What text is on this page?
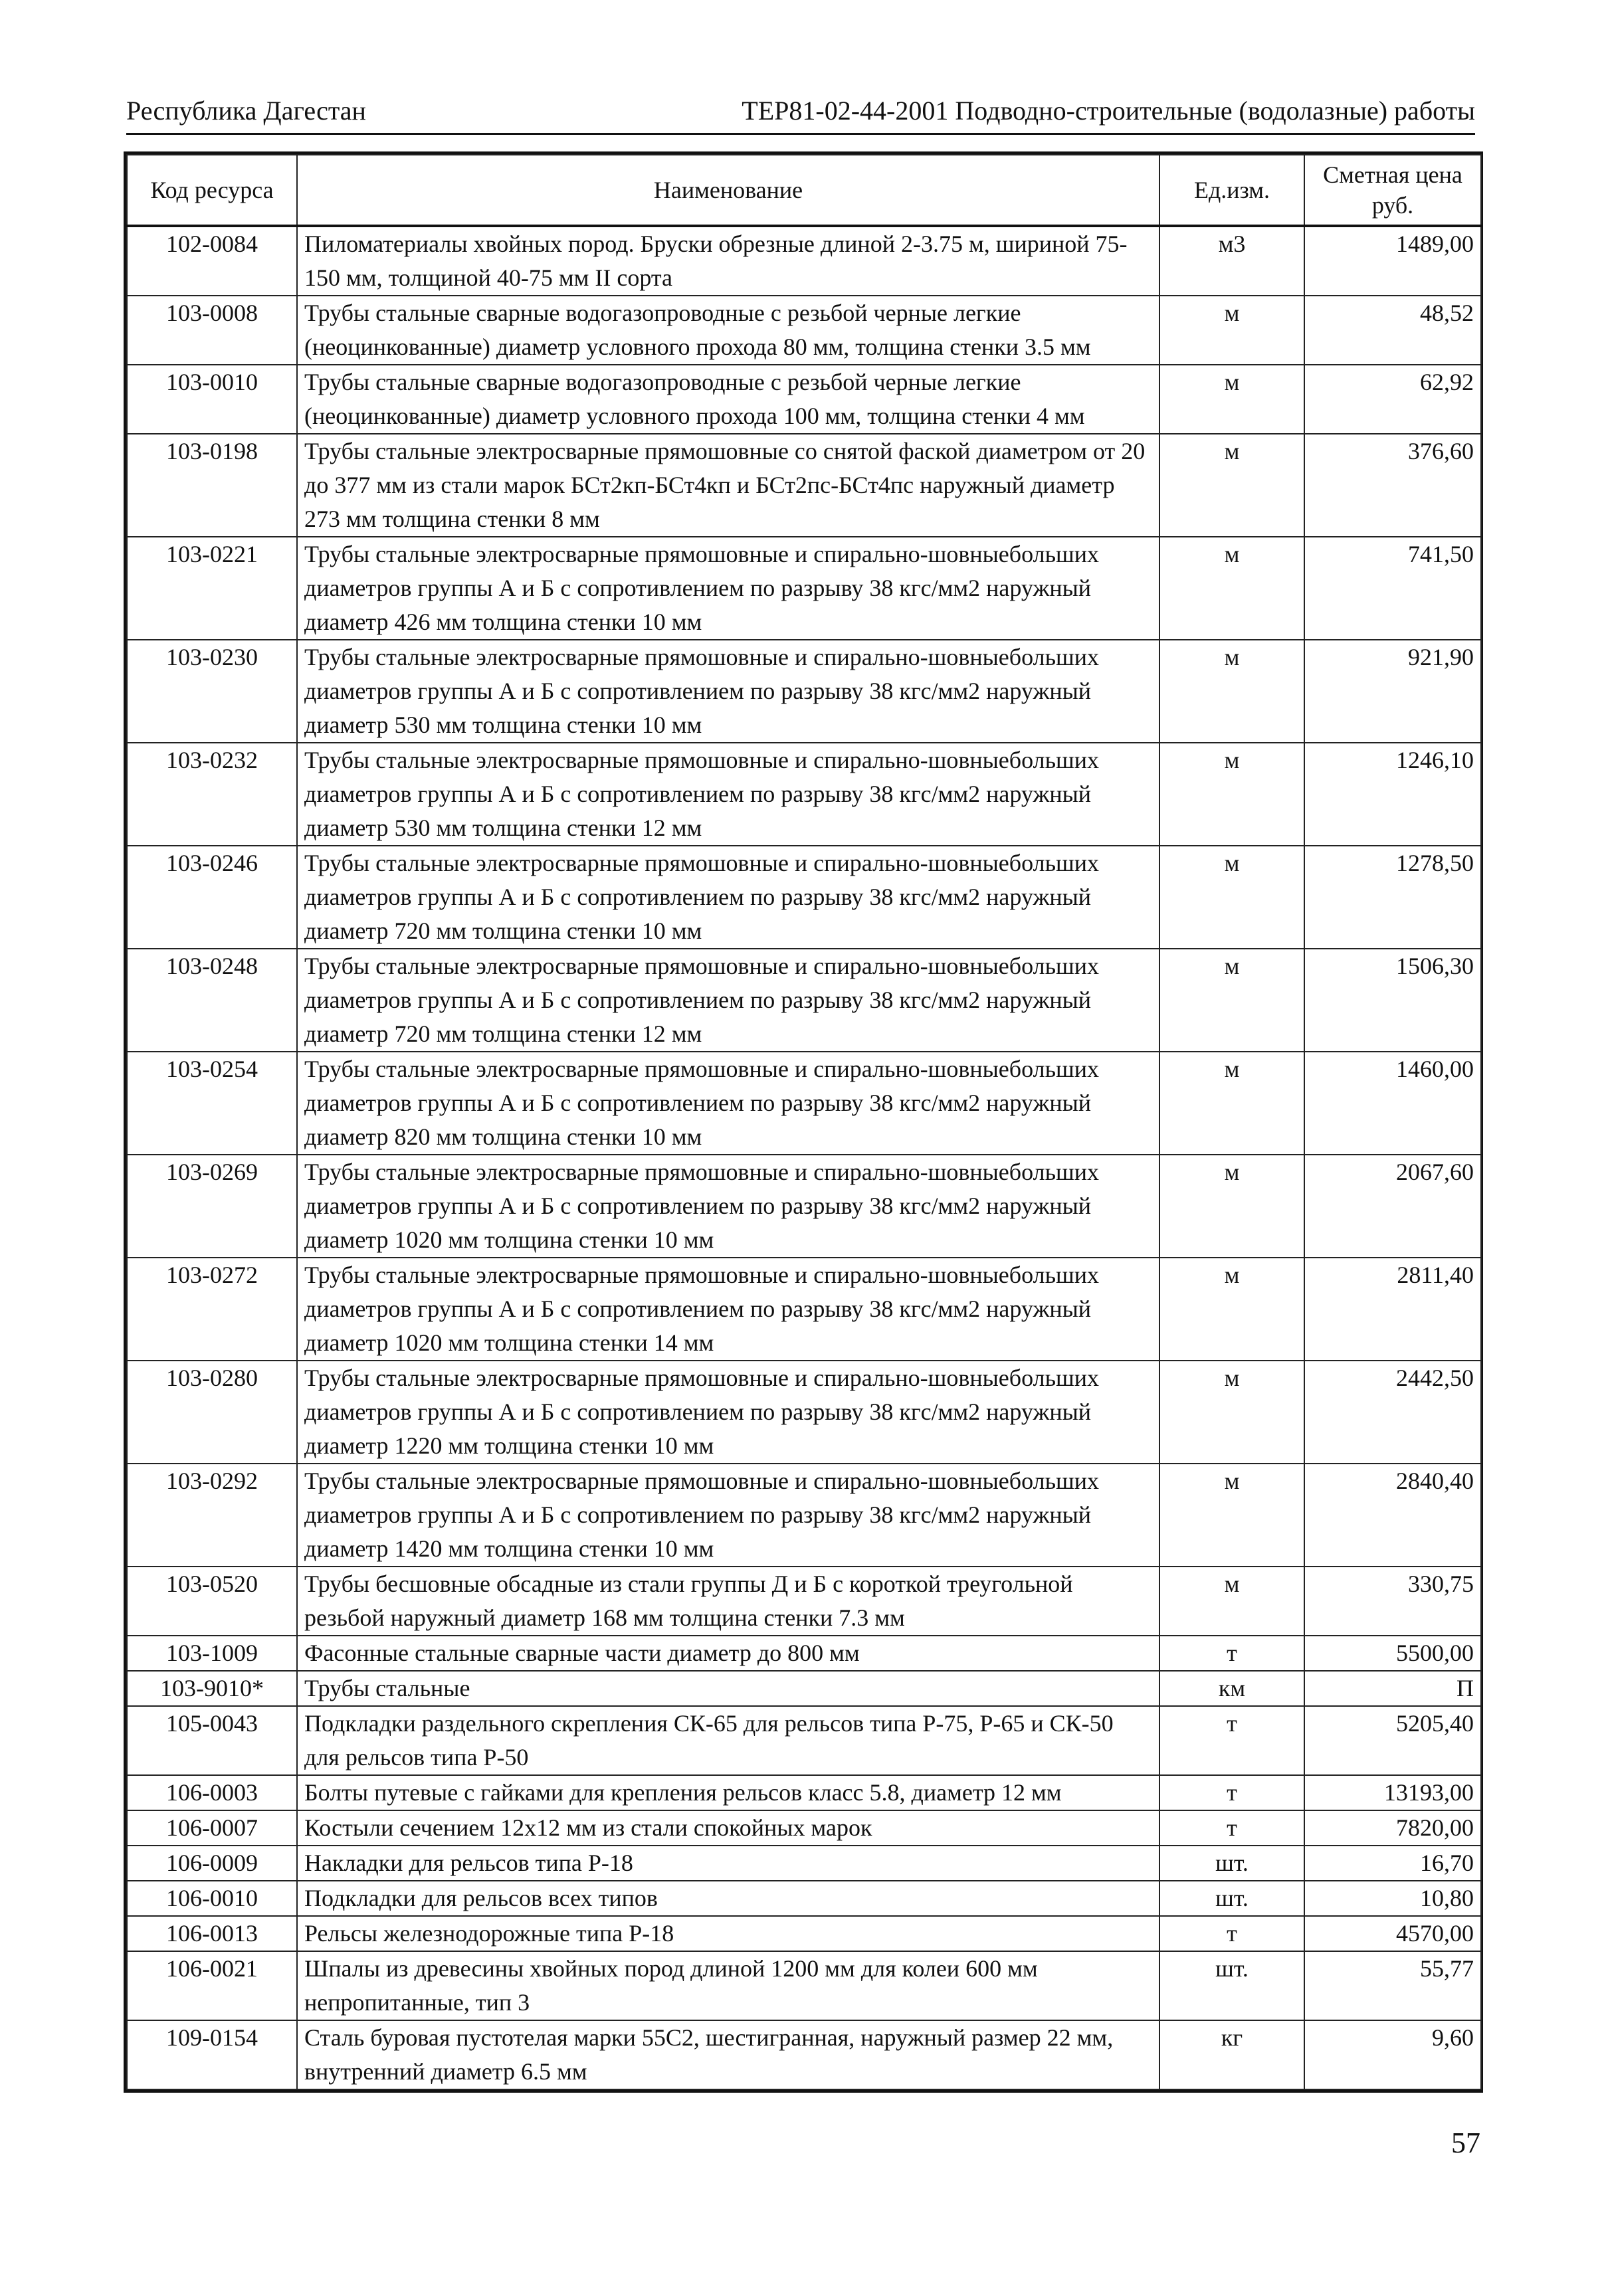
Республика Дагестан	ТЕР81-02-44-2001 Подводно-строительные (водолазные) работы
Код ресурса	Наименование	Ед.изм.	Сметная цена руб.
102-0084	Пиломатериалы хвойных пород. Бруски обрезные длиной 2-3.75 м, шириной 75-150 мм, толщиной 40-75 мм II сорта	м3	1489,00
103-0008	Трубы стальные сварные водогазопроводные с резьбой черные легкие (неоцинкованные) диаметр условного прохода 80 мм, толщина стенки 3.5 мм	м	48,52
103-0010	Трубы стальные сварные водогазопроводные с резьбой черные легкие (неоцинкованные) диаметр условного прохода 100 мм, толщина стенки 4 мм	м	62,92
103-0198	Трубы стальные электросварные прямошовные со снятой фаской диаметром от 20 до 377 мм из стали марок БСт2кп-БСт4кп и БСт2пс-БСт4пс наружный диаметр 273 мм толщина стенки 8 мм	м	376,60
103-0221	Трубы стальные электросварные прямошовные и спирально-шовныебольших диаметров группы А и Б с сопротивлением по разрыву 38 кгс/мм2 наружный диаметр 426 мм толщина стенки 10 мм	м	741,50
103-0230	Трубы стальные электросварные прямошовные и спирально-шовныебольших диаметров группы А и Б с сопротивлением по разрыву 38 кгс/мм2 наружный диаметр 530 мм толщина стенки 10 мм	м	921,90
103-0232	Трубы стальные электросварные прямошовные и спирально-шовныебольших диаметров группы А и Б с сопротивлением по разрыву 38 кгс/мм2 наружный диаметр 530 мм толщина стенки 12 мм	м	1246,10
103-0246	Трубы стальные электросварные прямошовные и спирально-шовныебольших диаметров группы А и Б с сопротивлением по разрыву 38 кгс/мм2 наружный диаметр 720 мм толщина стенки 10 мм	м	1278,50
103-0248	Трубы стальные электросварные прямошовные и спирально-шовныебольших диаметров группы А и Б с сопротивлением по разрыву 38 кгс/мм2 наружный диаметр 720 мм толщина стенки 12 мм	м	1506,30
103-0254	Трубы стальные электросварные прямошовные и спирально-шовныебольших диаметров группы А и Б с сопротивлением по разрыву 38 кгс/мм2 наружный диаметр 820 мм толщина стенки 10 мм	м	1460,00
103-0269	Трубы стальные электросварные прямошовные и спирально-шовныебольших диаметров группы А и Б с сопротивлением по разрыву 38 кгс/мм2 наружный диаметр 1020 мм толщина стенки 10 мм	м	2067,60
103-0272	Трубы стальные электросварные прямошовные и спирально-шовныебольших диаметров группы А и Б с сопротивлением по разрыву 38 кгс/мм2 наружный диаметр 1020 мм толщина стенки 14 мм	м	2811,40
103-0280	Трубы стальные электросварные прямошовные и спирально-шовныебольших диаметров группы А и Б с сопротивлением по разрыву 38 кгс/мм2 наружный диаметр 1220 мм толщина стенки 10 мм	м	2442,50
103-0292	Трубы стальные электросварные прямошовные и спирально-шовныебольших диаметров группы А и Б с сопротивлением по разрыву 38 кгс/мм2 наружный диаметр 1420 мм толщина стенки 10 мм	м	2840,40
103-0520	Трубы бесшовные обсадные из стали группы Д и Б с короткой треугольной резьбой наружный диаметр 168 мм толщина стенки 7.3 мм	м	330,75
103-1009	Фасонные стальные сварные части диаметр до 800 мм	т	5500,00
103-9010*	Трубы стальные	км	П
105-0043	Подкладки раздельного скрепления СК-65 для рельсов типа Р-75, Р-65 и СК-50 для рельсов типа Р-50	т	5205,40
106-0003	Болты путевые с гайками для крепления рельсов класс 5.8, диаметр 12 мм	т	13193,00
106-0007	Костыли сечением 12х12 мм из стали спокойных марок	т	7820,00
106-0009	Накладки для рельсов типа Р-18	шт.	16,70
106-0010	Подкладки для рельсов всех типов	шт.	10,80
106-0013	Рельсы железнодорожные типа Р-18	т	4570,00
106-0021	Шпалы из древесины хвойных пород длиной 1200 мм для колеи 600 мм непропитанные, тип 3	шт.	55,77
109-0154	Сталь буровая пустотелая марки 55С2, шестигранная, наружный размер 22 мм, внутренний диаметр 6.5 мм	кг	9,60
57
